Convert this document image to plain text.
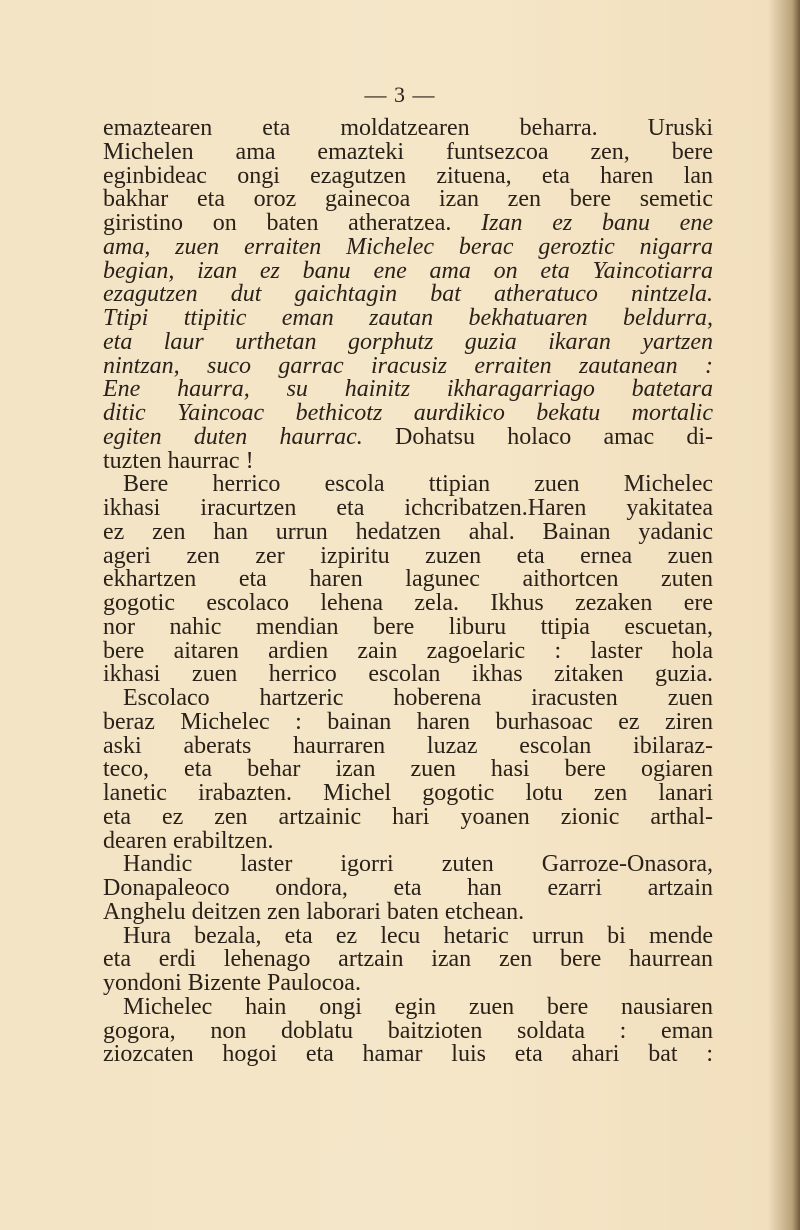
— 3 —
emaztearen eta moldatzearen beharra. Uruski
Michelen ama emazteki funtsezcoa zen, bere
eginbideac ongi ezagutzen zituena, eta haren lan
bakhar eta oroz gainecoa izan zen bere semetic
giristino on baten atheratzea. Izan ez banu ene
ama, zuen erraiten Michelec berac geroztic nigarra
begian, izan ez banu ene ama on eta Yaincotiarra
ezagutzen dut gaichtagin bat atheratuco nintzela.
Ttipi ttipitic eman zautan bekhatuaren beldurra,
eta laur urthetan gorphutz guzia ikaran yartzen
nintzan, suco garrac iracusiz erraiten zautanean :
Ene haurra, su hainitz ikharagarriago batetara
ditic Yaincoac bethicotz aurdikico bekatu mortalic
egiten duten haurrac. Dohatsu holaco amac di-
tuzten haurrac !
Bere herrico escola ttipian zuen Michelec
ikhasi iracurtzen eta ichcribatzen.Haren yakitatea
ez zen han urrun hedatzen ahal. Bainan yadanic
ageri zen zer izpiritu zuzen eta ernea zuen
ekhartzen eta haren lagunec aithortcen zuten
gogotic escolaco lehena zela. Ikhus zezaken ere
nor nahic mendian bere liburu ttipia escuetan,
bere aitaren ardien zain zagoelaric : laster hola
ikhasi zuen herrico escolan ikhas zitaken guzia.
Escolaco hartzeric hoberena iracusten zuen
beraz Michelec : bainan haren burhasoac ez ziren
aski aberats haurraren luzaz escolan ibilaraz-
teco, eta behar izan zuen hasi bere ogiaren
lanetic irabazten. Michel gogotic lotu zen lanari
eta ez zen artzainic hari yoanen zionic arthal-
dearen erabiltzen.
Handic laster igorri zuten Garroze-Onasora,
Donapaleoco ondora, eta han ezarri artzain
Anghelu deitzen zen laborari baten etchean.
Hura bezala, eta ez lecu hetaric urrun bi mende
eta erdi lehenago artzain izan zen bere haurrean
yondoni Bizente Paulocoa.
Michelec hain ongi egin zuen bere nausiaren
gogora, non doblatu baitzioten soldata : eman
ziozcaten hogoi eta hamar luis eta ahari bat :
